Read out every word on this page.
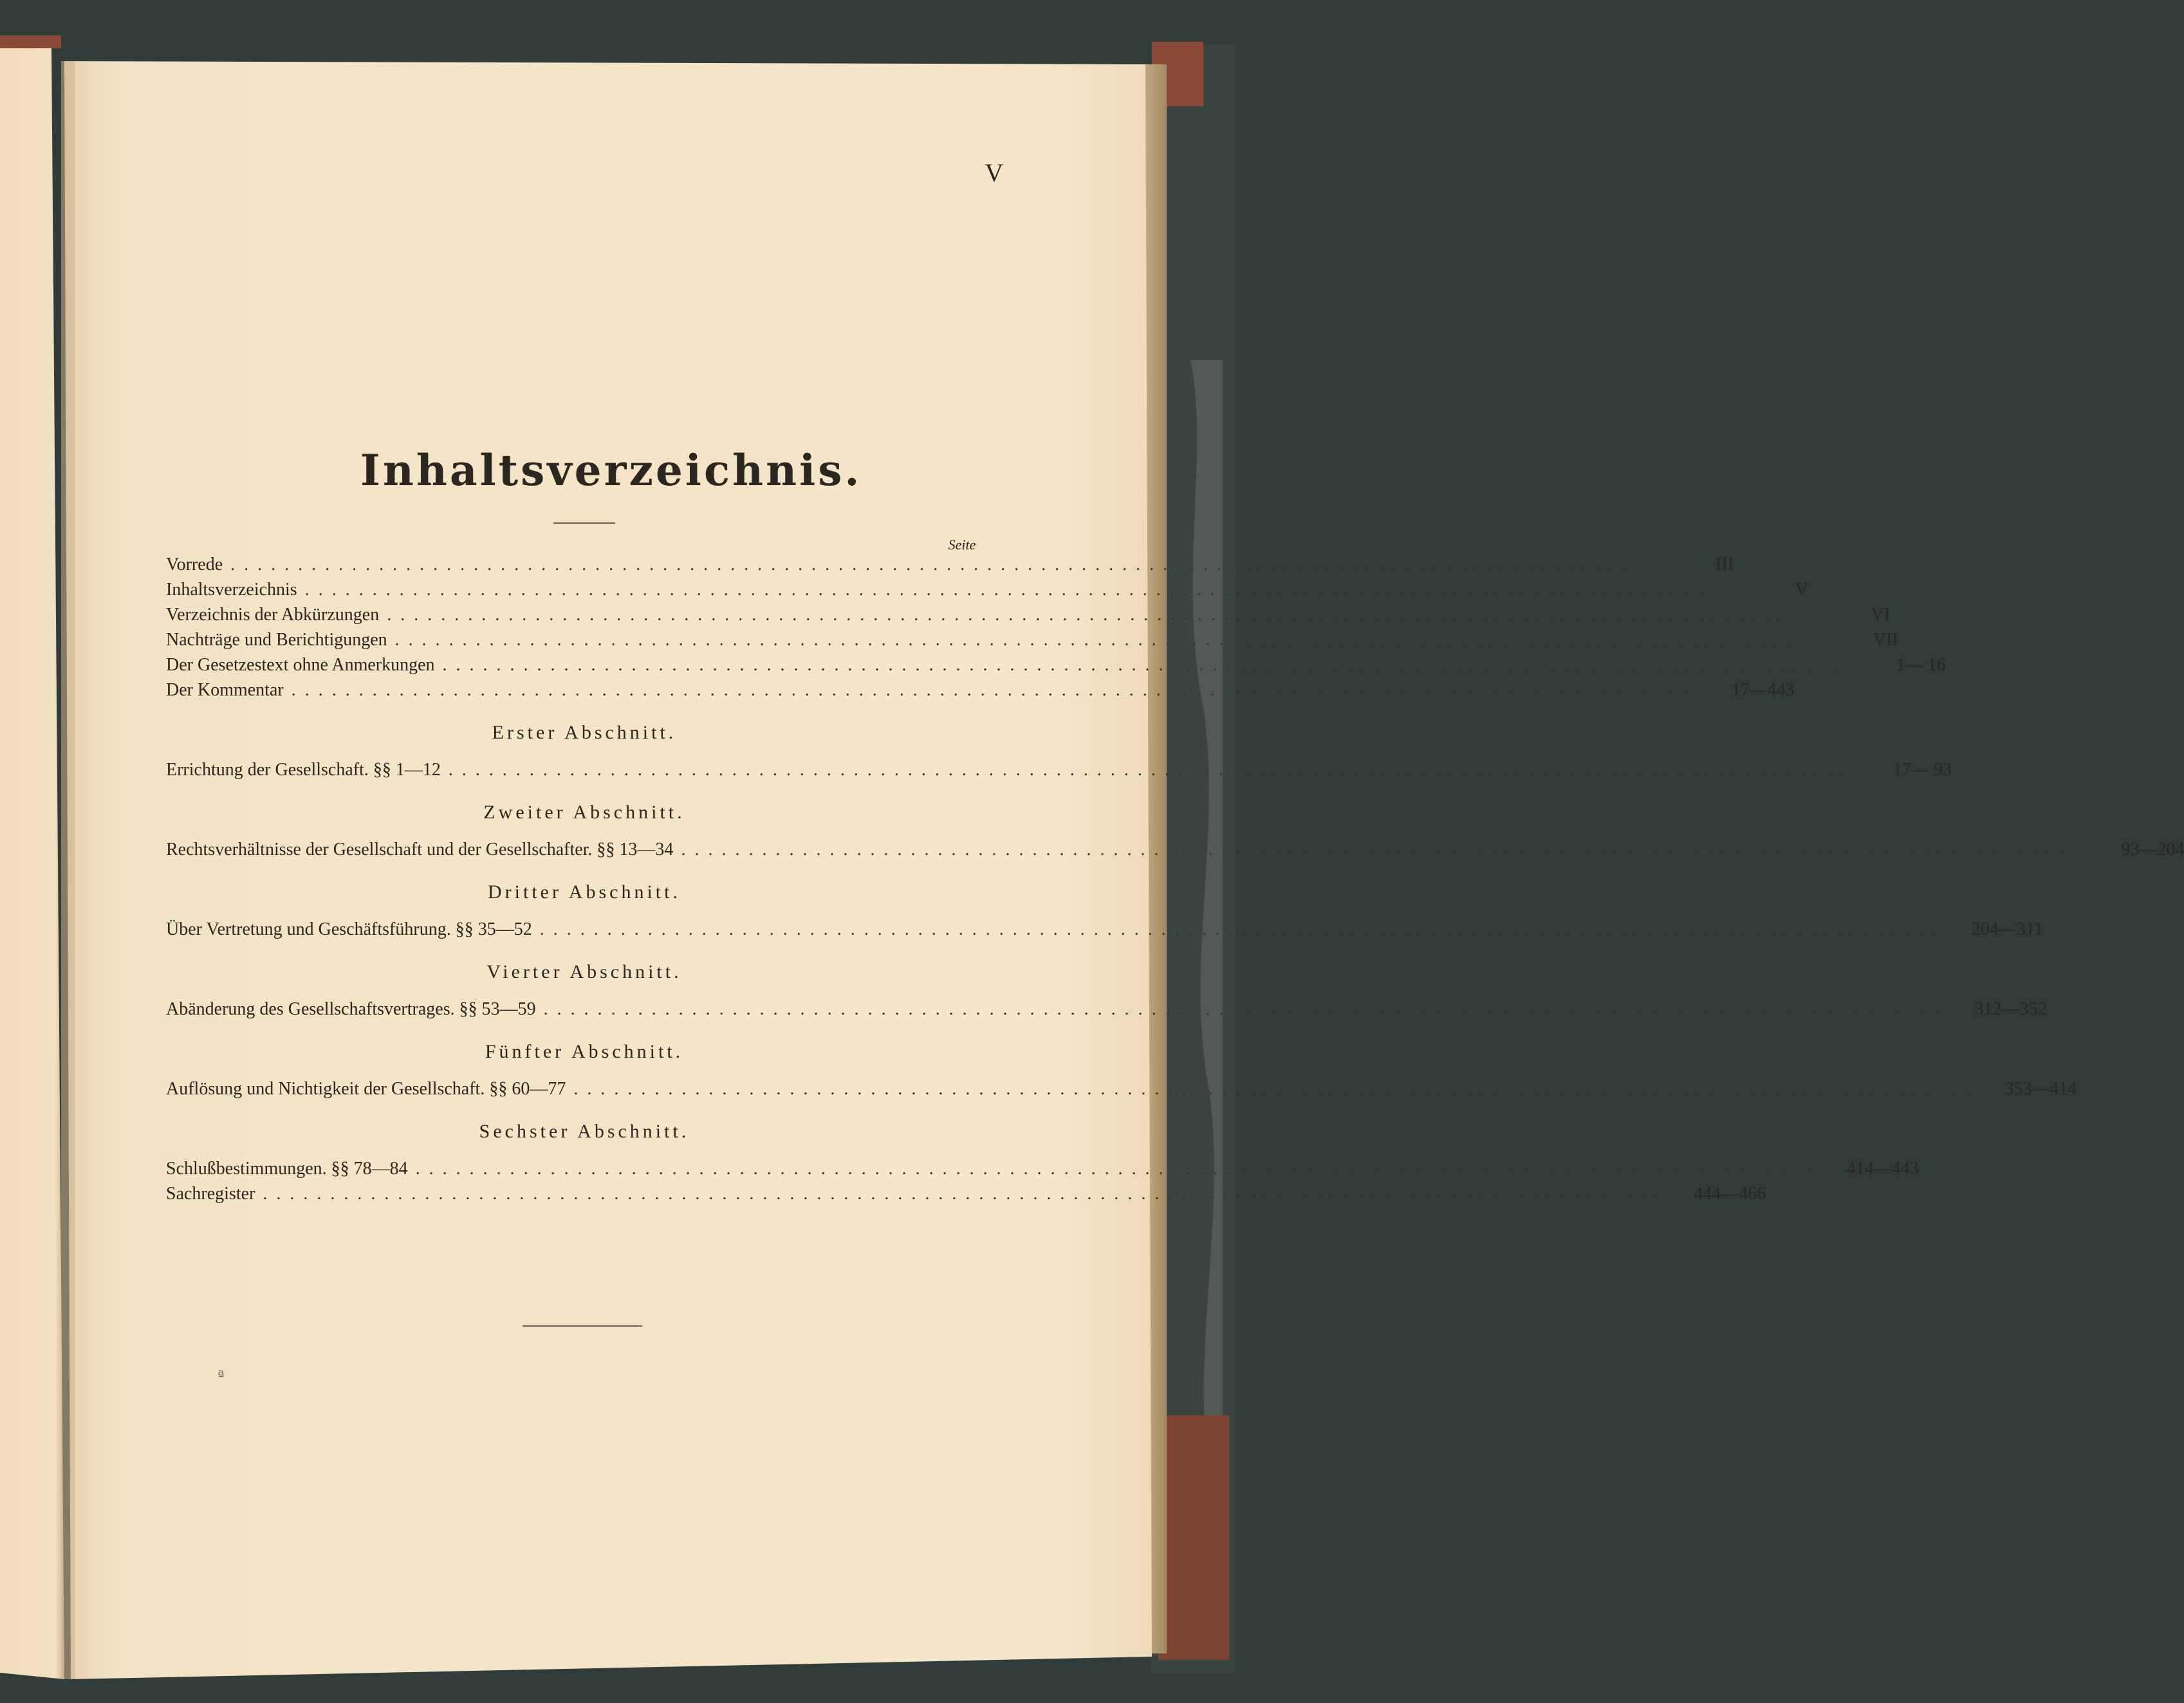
V
Inhaltsverzeichnis.
Seite
Vorrede ........................................................................................................	III
Inhaltsverzeichnis ........................................................................................................	V
Verzeichnis der Abkürzungen ........................................................................................................	VI
Nachträge und Berichtigungen ........................................................................................................	VII
Der Gesetzestext ohne Anmerkungen ........................................................................................................	1— 16
Der Kommentar ........................................................................................................	17—443
Erster Abschnitt.
Errichtung der Gesellschaft. §§ 1—12 ........................................................................................................	17— 93
Zweiter Abschnitt.
Rechtsverhältnisse der Gesellschaft und der Gesellschafter. §§ 13—34 ........................................................................................................	93—204
Dritter Abschnitt.
Über Vertretung und Geschäftsführung. §§ 35—52 ........................................................................................................	204—311
Vierter Abschnitt.
Abänderung des Gesellschaftsvertrages. §§ 53—59 ........................................................................................................	312—352
Fünfter Abschnitt.
Auflösung und Nichtigkeit der Gesellschaft. §§ 60—77 ........................................................................................................	353—414
Sechster Abschnitt.
Schlußbestimmungen. §§ 78—84 ........................................................................................................	414—443
Sachregister ........................................................................................................	444—466
ª
